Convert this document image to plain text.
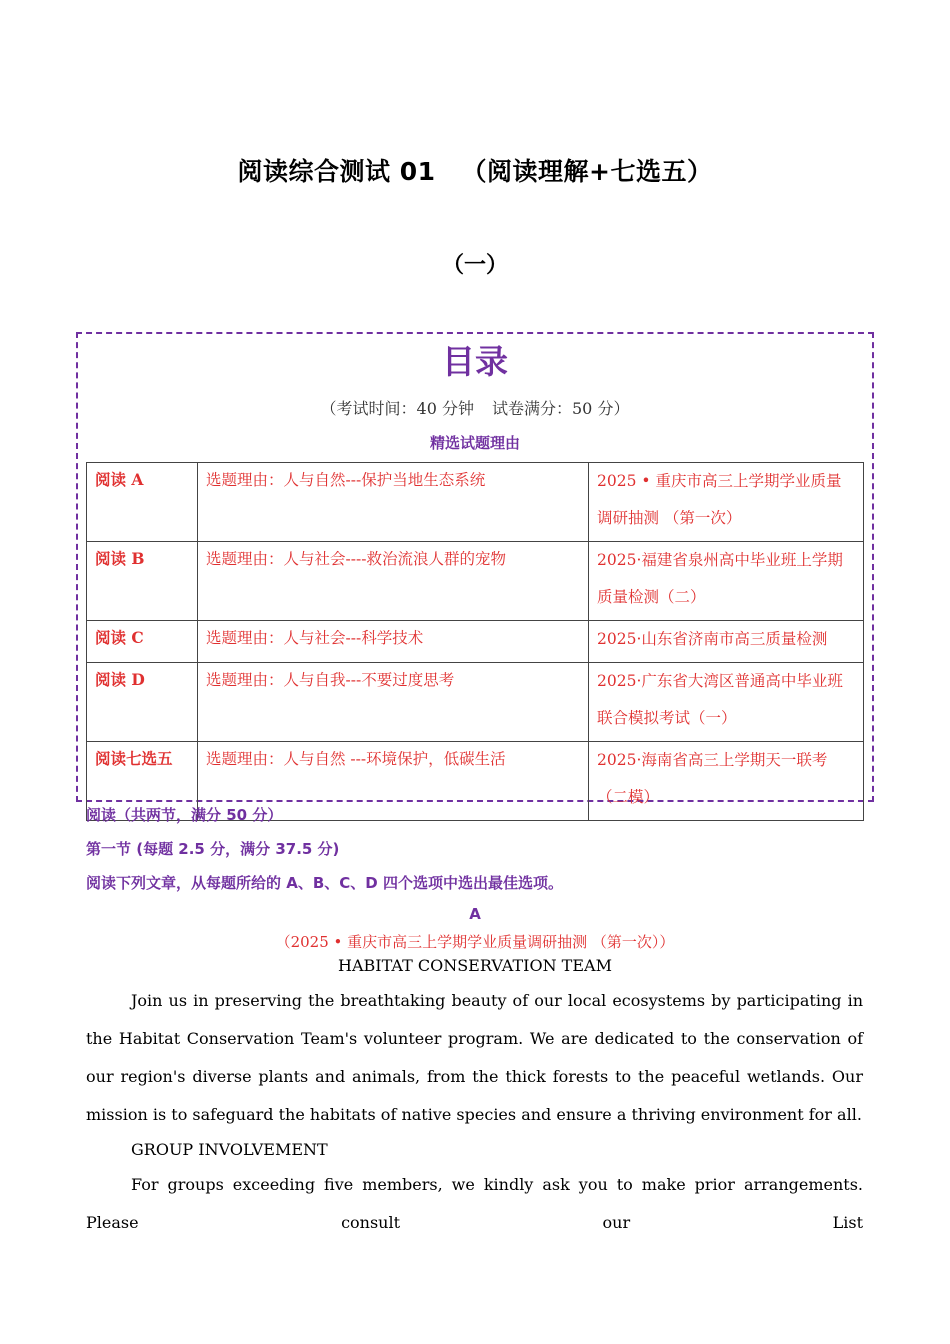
阅读综合测试 01 （阅读理解+七选五）
（一）
目录
（考试时间：40 分钟 试卷满分：50 分）
精选试题理由
阅读 A	选题理由：人与自然---保护当地生态系统	2025 • 重庆市高三上学期学业质量调研抽测 （第一次）
阅读 B	选题理由：人与社会----救治流浪人群的宠物	2025·福建省泉州高中毕业班上学期质量检测（二）
阅读 C	选题理由：人与社会---科学技术	2025·山东省济南市高三质量检测
阅读 D	选题理由：人与自我---不要过度思考	2025·广东省大湾区普通高中毕业班联合模拟考试（一）
阅读七选五	选题理由：人与自然 ---环境保护，低碳生活	2025·海南省高三上学期天一联考（二模）
阅读（共两节，满分 50 分）
第一节 (每题 2.5 分，满分 37.5 分)
阅读下列文章，从每题所给的 A、B、C、D 四个选项中选出最佳选项。
A
（2025 • 重庆市高三上学期学业质量调研抽测 （第一次））
HABITAT CONSERVATION TEAM

Join us in preserving the breathtaking beauty of our local ecosystems by participating in the Habitat Conservation Team's volunteer program. We are dedicated to the conservation of our region's diverse plants and animals, from the thick forests to the peaceful wetlands. Our mission is to safeguard the habitats of native species and ensure a thriving environment for all.

GROUP INVOLVEMENT

For groups exceeding five members, we kindly ask you to make prior arrangements. Please consult our List
